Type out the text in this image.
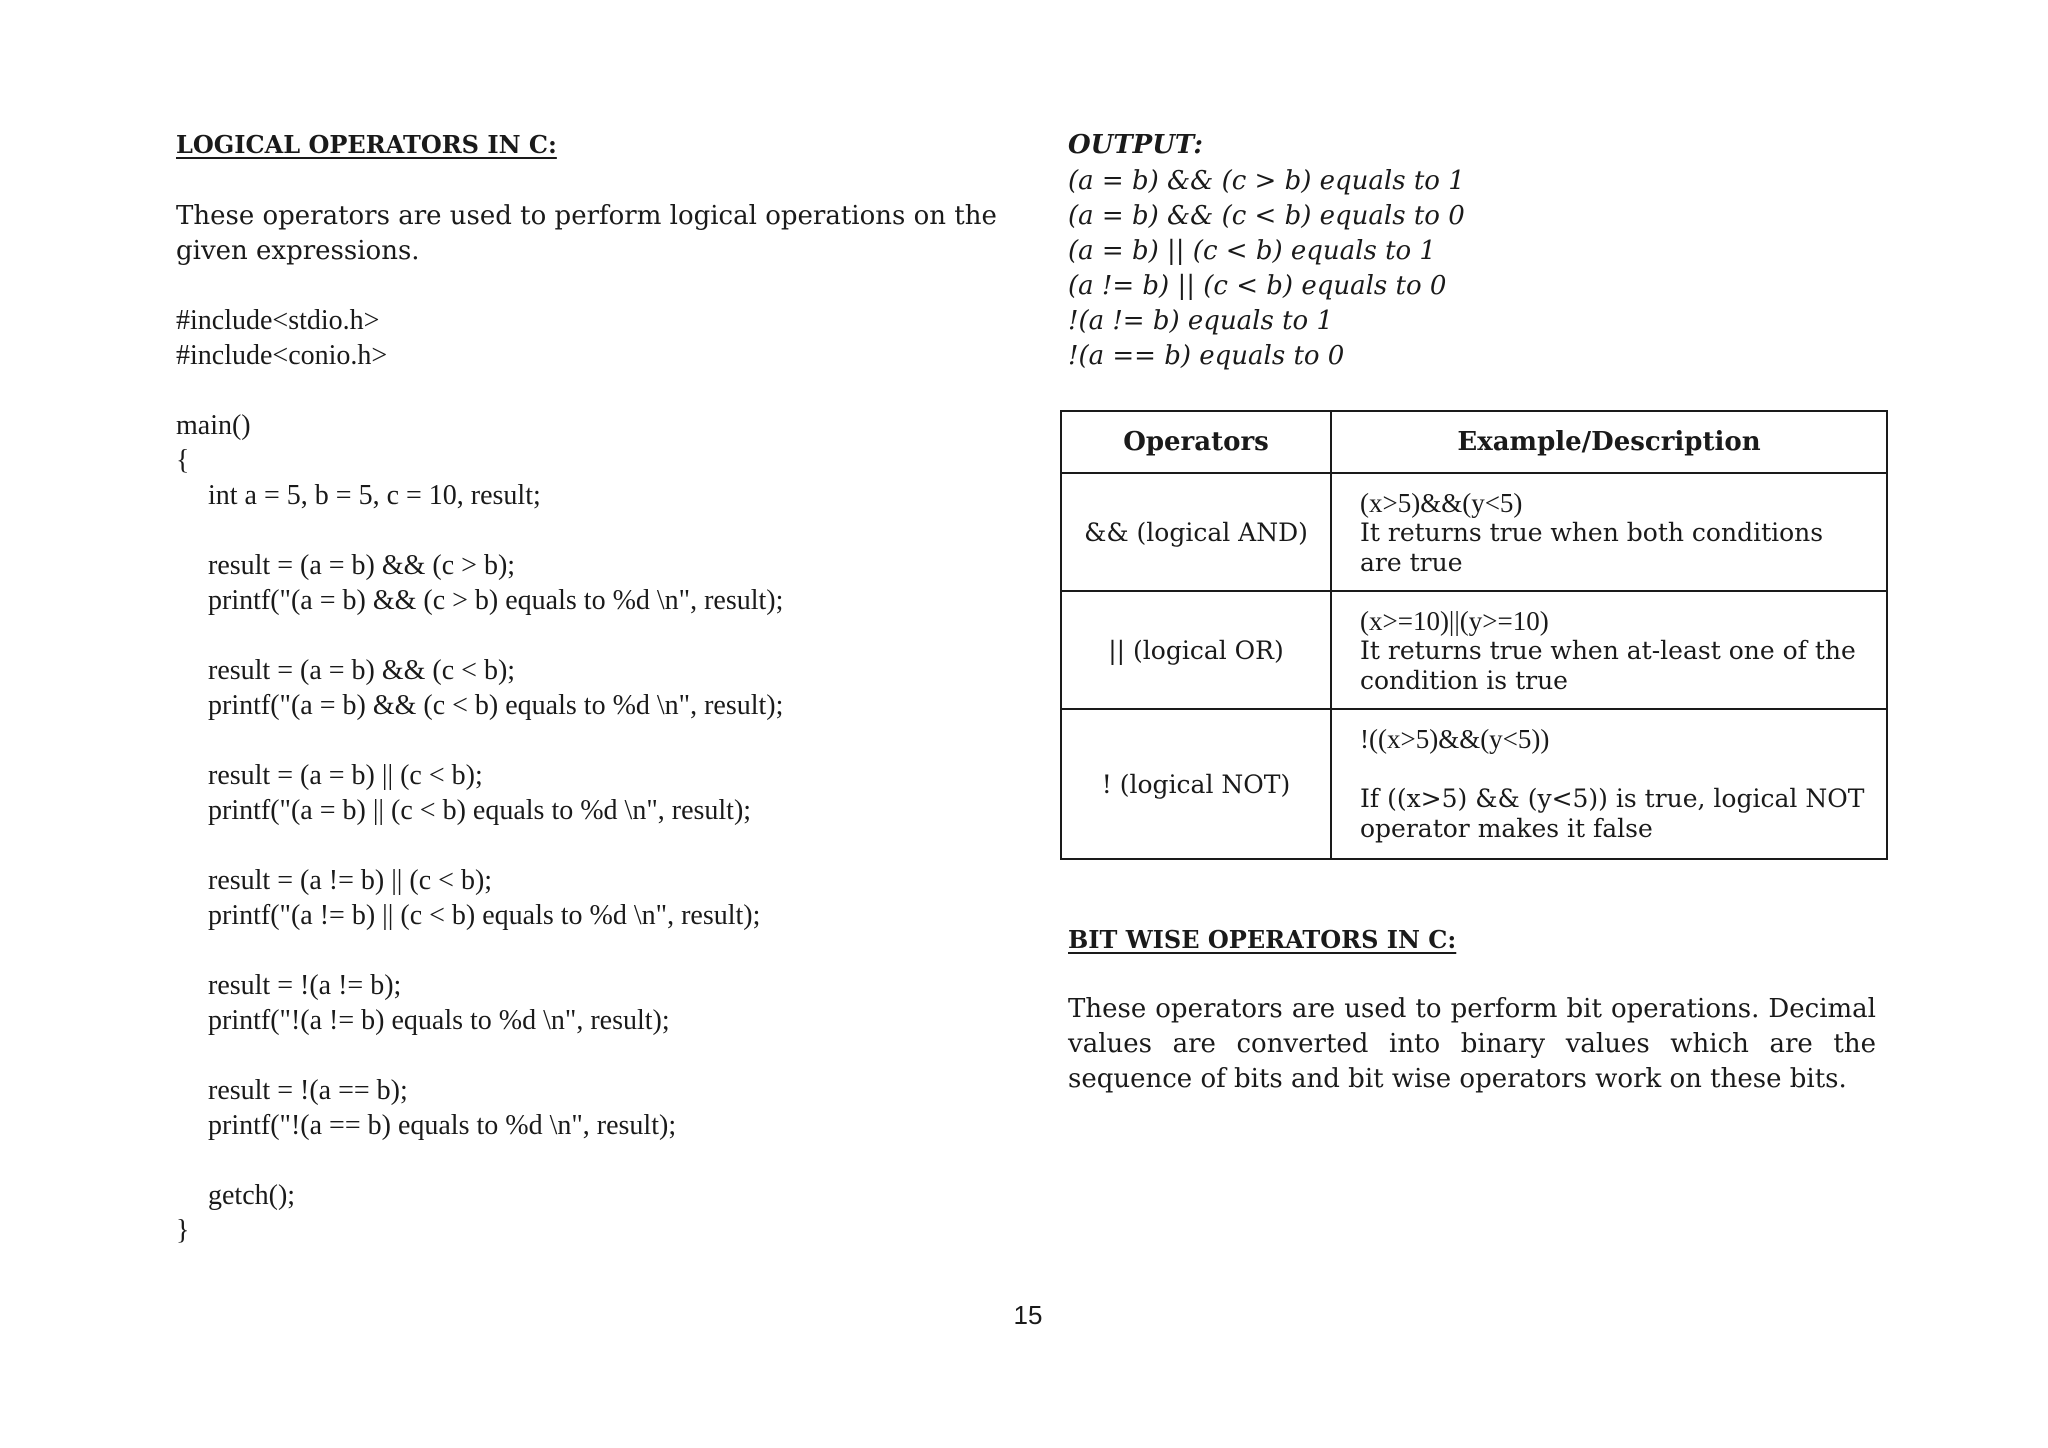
LOGICAL OPERATORS IN C:
These operators are used to perform logical operations on the
given expressions.
#include<stdio.h>
#include<conio.h>
main()
{
int a = 5, b = 5, c = 10, result;
result = (a = b) && (c > b);
printf("(a = b) && (c > b) equals to %d \n", result);
result = (a = b) && (c < b);
printf("(a = b) && (c < b) equals to %d \n", result);
result = (a = b) || (c < b);
printf("(a = b) || (c < b) equals to %d \n", result);
result = (a != b) || (c < b);
printf("(a != b) || (c < b) equals to %d \n", result);
result = !(a != b);
printf("!(a != b) equals to %d \n", result);
result = !(a == b);
printf("!(a == b) equals to %d \n", result);
getch();
}
OUTPUT:
(a = b) && (c > b) equals to 1
(a = b) && (c < b) equals to 0
(a = b) || (c < b) equals to 1
(a != b) || (c < b) equals to 0
!(a != b) equals to 1
!(a == b) equals to 0
Operators	Example/Description
&& (logical AND)	(x>5)&&(y<5)
It returns true when both conditions are true

|| (logical OR)	(x>=10)||(y>=10)
It returns true when at-least one of the condition is true

! (logical NOT)	!((x>5)&&(y<5))
If ((x>5) && (y<5)) is true, logical NOT operator makes it false
BIT WISE OPERATORS IN C:
These operators are used to perform bit operations. Decimal values are converted into binary values which are the sequence of bits and bit wise operators work on these bits.
15
